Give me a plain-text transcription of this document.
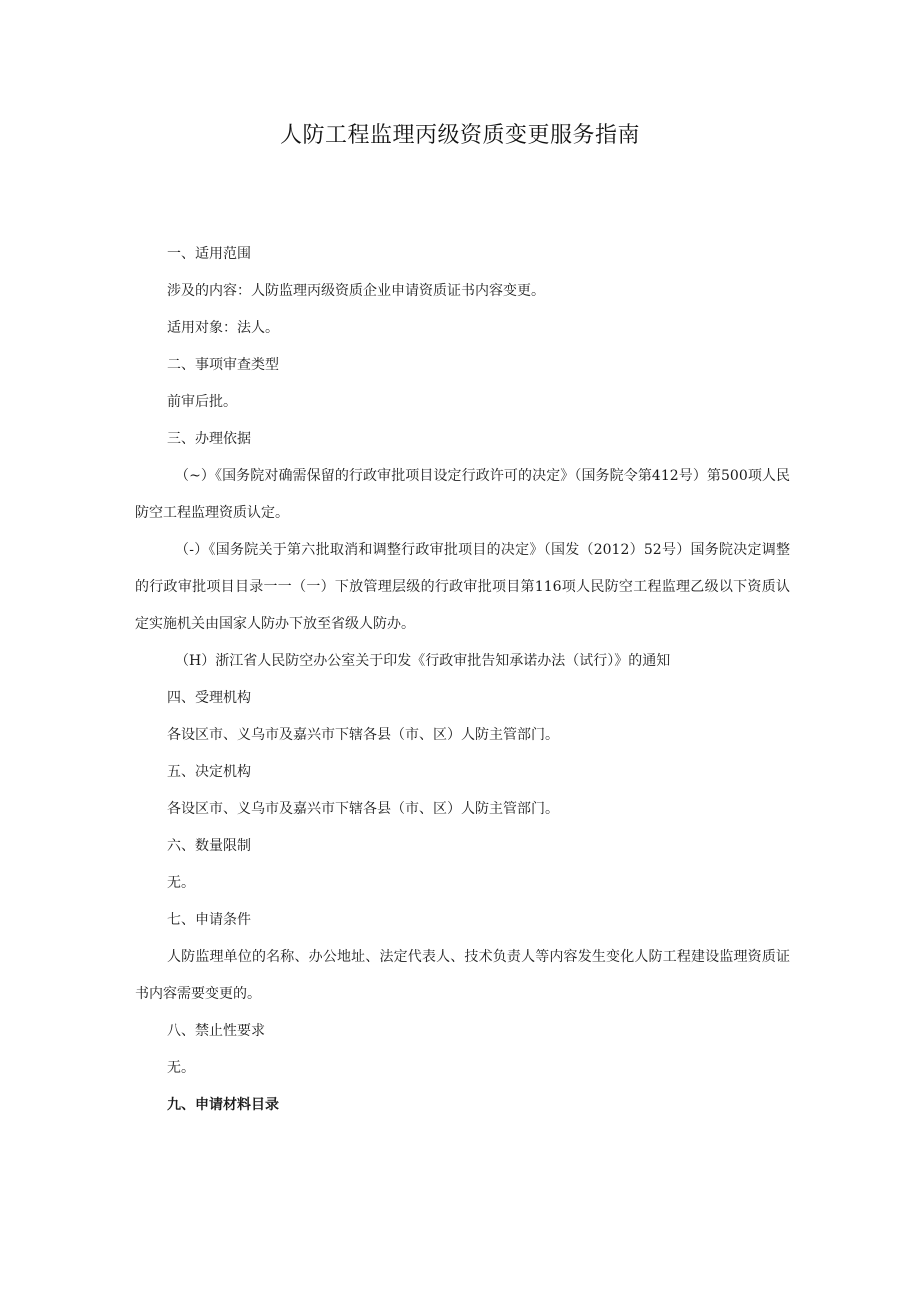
人防工程监理丙级资质变更服务指南

一、适用范围

涉及的内容：人防监理丙级资质企业申请资质证书内容变更。

适用对象：法人。

二、事项审查类型

前审后批。

三、办理依据

（~）《国务院对确需保留的行政审批项目设定行政许可的决定》（国务院令第412号）第500项人民防空工程监理资质认定。

（-）《国务院关于第六批取消和调整行政审批项目的决定》（国发（2012）52号）国务院决定调整的行政审批项目目录一一（一）下放管理层级的行政审批项目第116项人民防空工程监理乙级以下资质认定实施机关由国家人防办下放至省级人防办。

（H）浙江省人民防空办公室关于印发《行政审批告知承诺办法（试行）》的通知

四、受理机构

各设区市、义乌市及嘉兴市下辖各县（市、区）人防主管部门。

五、决定机构

各设区市、义乌市及嘉兴市下辖各县（市、区）人防主管部门。

六、数量限制

无。

七、申请条件

人防监理单位的名称、办公地址、法定代表人、技术负责人等内容发生变化人防工程建设监理资质证书内容需要变更的。

八、禁止性要求

无。

九、申请材料目录
